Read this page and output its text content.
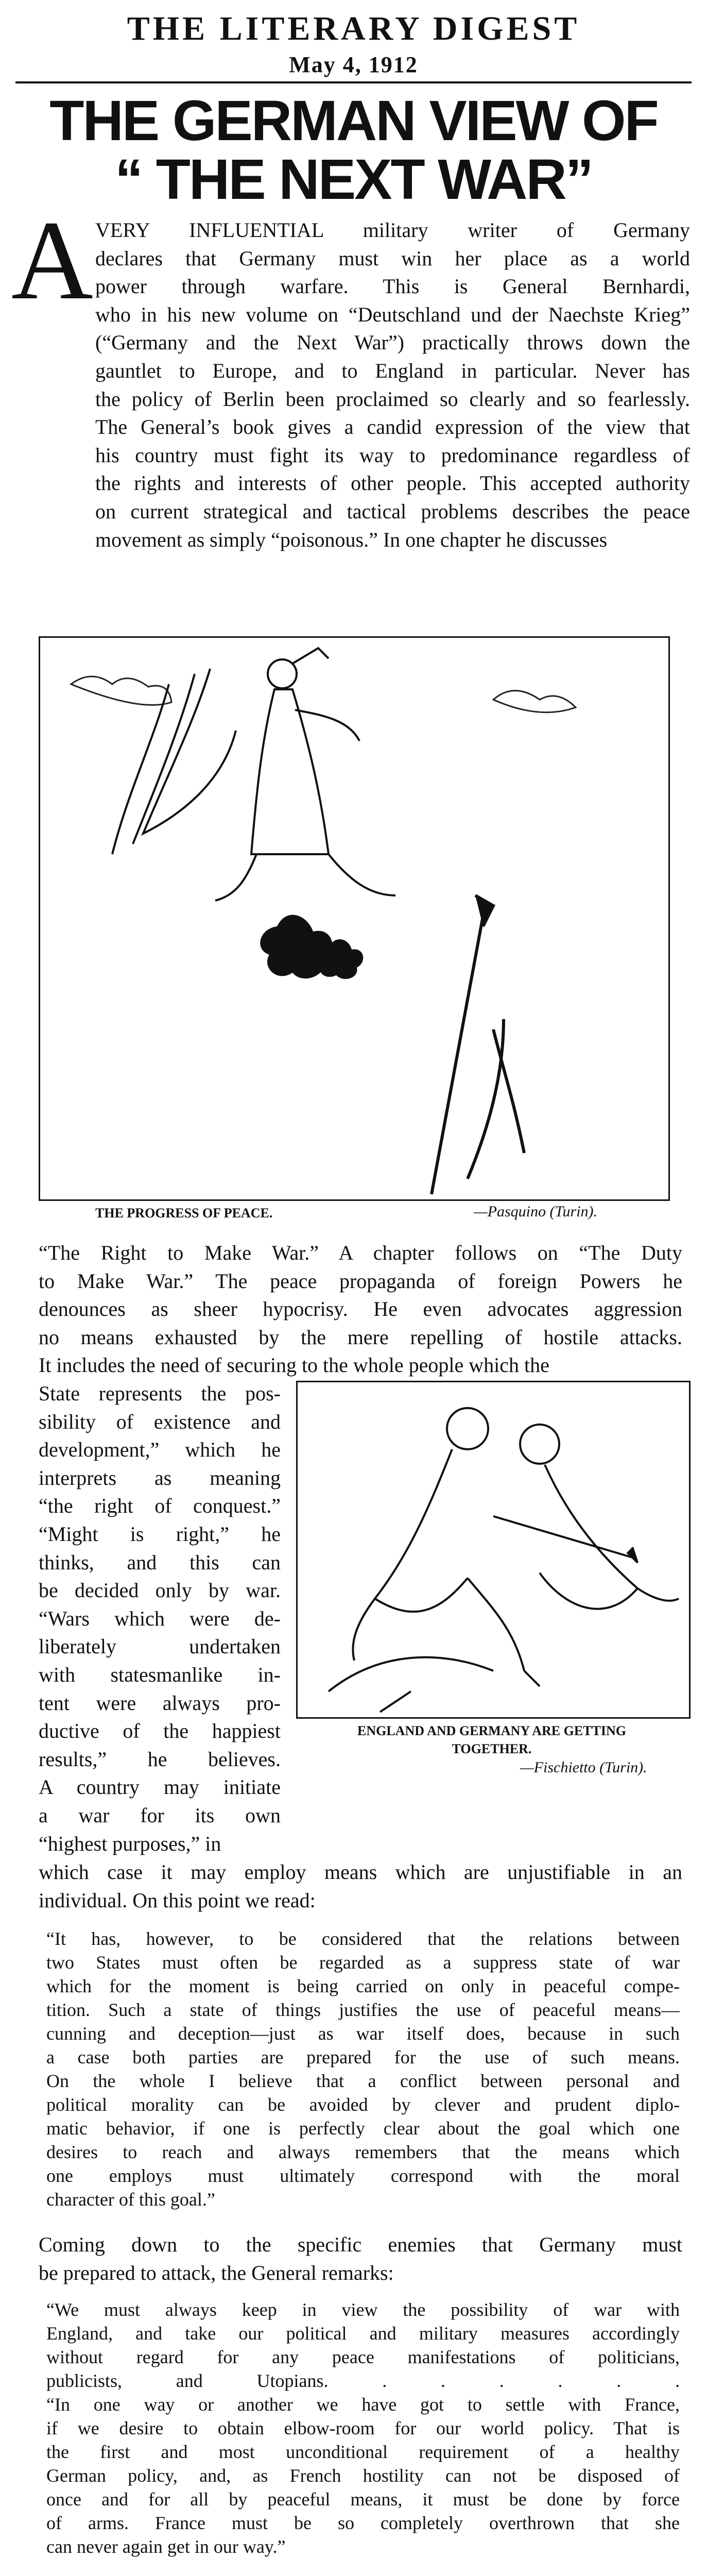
THE LITERARY DIGEST
May 4, 1912
THE GERMAN VIEW OF
“ THE NEXT WAR”
A VERY INFLUENTIAL military writer of Germany
declares that Germany must win her place as a world
power through warfare. This is General Bernhardi,
who in his new volume on “Deutschland und der Naechste Krieg”
(“Germany and the Next War”) practically throws down the
gauntlet to Europe, and to England in particular. Never has
the policy of Berlin been proclaimed so clearly and so fearlessly.
The General’s book gives a candid expression of the view that
his country must fight its way to predominance regardless of
the rights and interests of other people. This accepted authority
on current strategical and tactical problems describes the peace
movement as simply “poisonous.” In one chapter he discusses
THE PROGRESS OF PEACE.	—Pasquino (Turin).
“The Right to Make War.” A chapter follows on “The Duty
to Make War.” The peace propaganda of foreign Powers he
denounces as sheer hypocrisy. He even advocates aggression
no means exhausted by the mere repelling of hostile attacks.
It includes the need of securing to the whole people which the
State represents the pos-
sibility of existence and
development,” which he
interprets as meaning
“the right of conquest.”
“Might is right,” he
thinks, and this can
be decided only by war.
“Wars which were de-
liberately undertaken
with statesmanlike in-
tent were always pro-
ductive of the happiest
results,” he believes.
A country may initiate
a war for its own
“highest purposes,” in
ENGLAND AND GERMANY ARE GETTING
TOGETHER.
—Fischietto (Turin).
which case it may employ means which are unjustifiable in an
individual. On this point we read:
“It has, however, to be considered that the relations between
two States must often be regarded as a suppress state of war
which for the moment is being carried on only in peaceful compe-
tition. Such a state of things justifies the use of peaceful means—
cunning and deception—just as war itself does, because in such
a case both parties are prepared for the use of such means.
On the whole I believe that a conflict between personal and
political morality can be avoided by clever and prudent diplo-
matic behavior, if one is perfectly clear about the goal which one
desires to reach and always remembers that the means which
one employs must ultimately correspond with the moral
character of this goal.”
Coming down to the specific enemies that Germany must
be prepared to attack, the General remarks:
“We must always keep in view the possibility of war with
England, and take our political and military measures accordingly
without regard for any peace manifestations of politicians,
publicists, and Utopians. . . . . . .
“In one way or another we have got to settle with France,
if we desire to obtain elbow-room for our world policy. That is
the first and most unconditional requirement of a healthy
German policy, and, as French hostility can not be disposed of
once and for all by peaceful means, it must be done by force
of arms. France must be so completely overthrown that she
can never again get in our way.”
